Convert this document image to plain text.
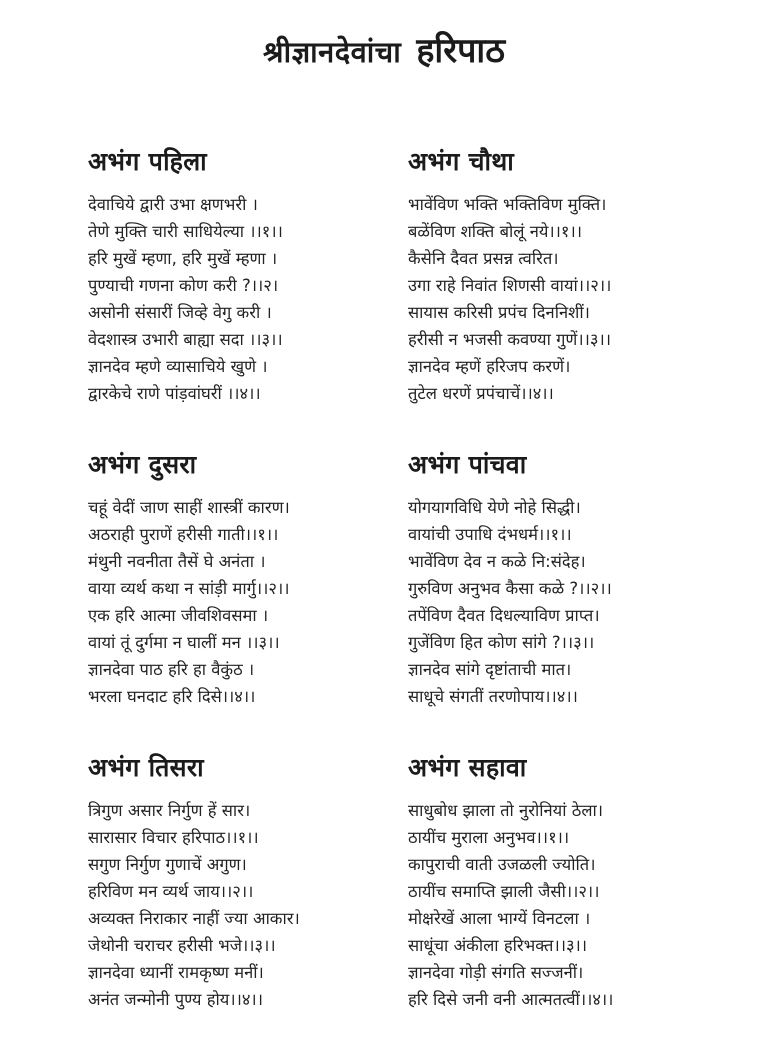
श्रीज्ञानदेवांचा हरिपाठ
अभंग पहिला
देवाचिये द्वारी उभा क्षणभरी ।
तेणे मुक्ति चारी साधियेल्या ।।१।।
हरि मुखें म्हणा, हरि मुखें म्हणा ।
पुण्याची गणना कोण करी ?।।२।
असोनी संसारीं जिव्हे वेगु करी ।
वेदशास्त्र उभारी बाह्या सदा ।।३।।
ज्ञानदेव म्हणे व्यासाचिये खुणे ।
द्वारकेचे राणे पांड़वांघरीं ।।४।।
अभंग दुसरा
चहूं वेदीं जाण साहीं शास्त्रीं कारण।
अठराही पुराणें हरीसी गाती।।१।।
मंथुनी नवनीता तैसें घे अनंता ।
वाया व्यर्थ कथा न सांड़ी मार्गु।।२।।
एक हरि आत्मा जीवशिवसमा ।
वायां तूं दुर्गमा न घालीं मन ।।३।।
ज्ञानदेवा पाठ हरि हा वैकुंठ ।
भरला घनदाट हरि दिसे।।४।।
अभंग तिसरा
त्रिगुण असार निर्गुण हें सार।
सारासार विचार हरिपाठ।।१।।
सगुण निर्गुण गुणाचें अगुण।
हरिविण मन व्यर्थ जाय।।२।।
अव्यक्त निराकार नाहीं ज्या आकार।
जेथोनी चराचर हरीसी भजे।।३।।
ज्ञानदेवा ध्यानीं रामकृष्ण मनीं।
अनंत जन्मोनी पुण्य होय।।४।।
अभंग चौथा
भावेंविण भक्ति भक्तिविण मुक्ति।
बळेंविण शक्ति बोलूं नये।।१।।
कैसेनि दैवत प्रसन्न त्वरित।
उगा राहे निवांत शिणसी वायां।।२।।
सायास करिसी प्रपंच दिननिशीं।
हरीसी न भजसी कवण्या गुणें।।३।।
ज्ञानदेव म्हणें हरिजप करणें।
तुटेल धरणें प्रपंचाचें।।४।।
अभंग पांचवा
योगयागविधि येणे नोहे सिद्धी।
वायांची उपाधि दंभधर्म।।१।।
भावेंविण देव न कळे नि:संदेह।
गुरुविण अनुभव कैसा कळे ?।।२।।
तपेंविण दैवत दिधल्याविण प्राप्त।
गुजेंविण हित कोण सांगे ?।।३।।
ज्ञानदेव सांगे दृष्टांताची मात।
साधूचे संगतीं तरणोपाय।।४।।
अभंग सहावा
साधुबोध झाला तो नुरोनियां ठेला।
ठायींच मुराला अनुभव।।१।।
कापुराची वाती उजळली ज्योति।
ठायींच समाप्ति झाली जैसी।।२।।
मोक्षरेखें आला भाग्यें विनटला ।
साधूंचा अंकीला हरिभक्त।।३।।
ज्ञानदेवा गोड़ी संगति सज्जनीं।
हरि दिसे जनी वनी आत्मतत्वीं।।४।।
